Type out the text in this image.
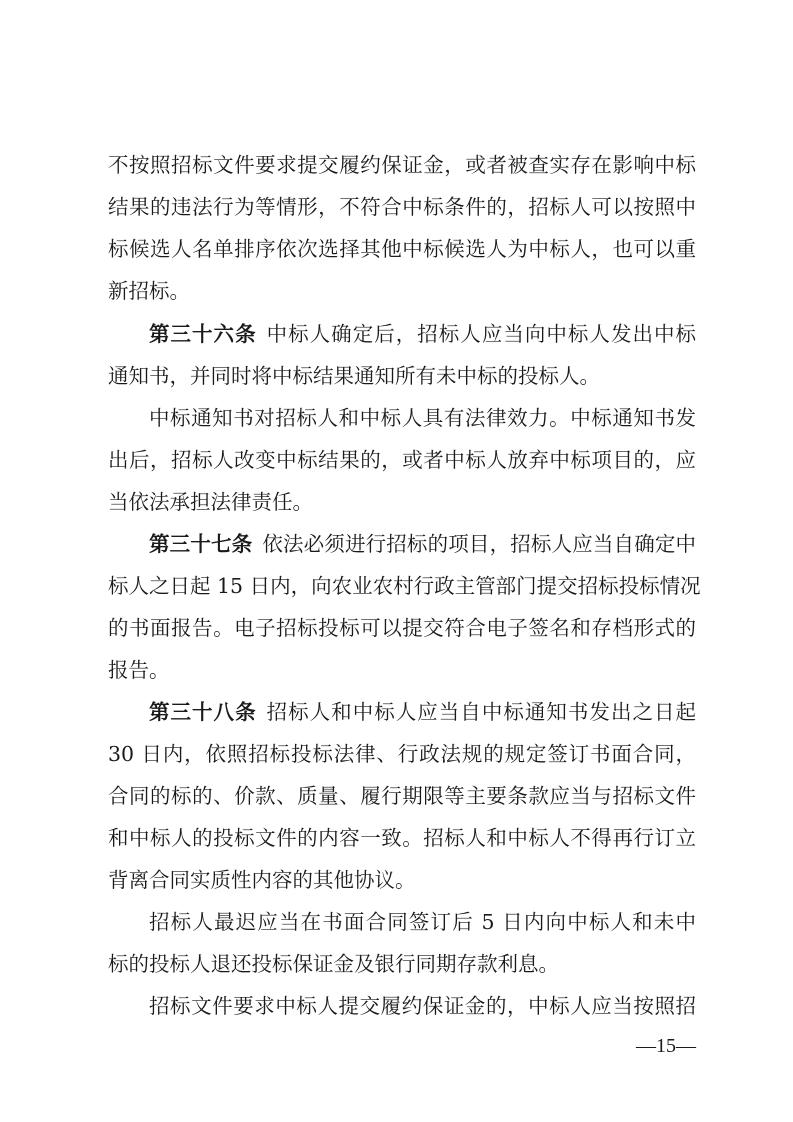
不按照招标文件要求提交履约保证金，或者被查实存在影响中标
结果的违法行为等情形，不符合中标条件的，招标人可以按照中
标候选人名单排序依次选择其他中标候选人为中标人，也可以重
新招标。
第三十六条 中标人确定后，招标人应当向中标人发出中标
通知书，并同时将中标结果通知所有未中标的投标人。
中标通知书对招标人和中标人具有法律效力。中标通知书发
出后，招标人改变中标结果的，或者中标人放弃中标项目的，应
当依法承担法律责任。
第三十七条 依法必须进行招标的项目，招标人应当自确定中
标人之日起 15 日内，向农业农村行政主管部门提交招标投标情况
的书面报告。电子招标投标可以提交符合电子签名和存档形式的
报告。
第三十八条 招标人和中标人应当自中标通知书发出之日起
30 日内，依照招标投标法律、行政法规的规定签订书面合同，
合同的标的、价款、质量、履行期限等主要条款应当与招标文件
和中标人的投标文件的内容一致。招标人和中标人不得再行订立
背离合同实质性内容的其他协议。
招标人最迟应当在书面合同签订后 5 日内向中标人和未中
标的投标人退还投标保证金及银行同期存款利息。
招标文件要求中标人提交履约保证金的，中标人应当按照招
—15—
